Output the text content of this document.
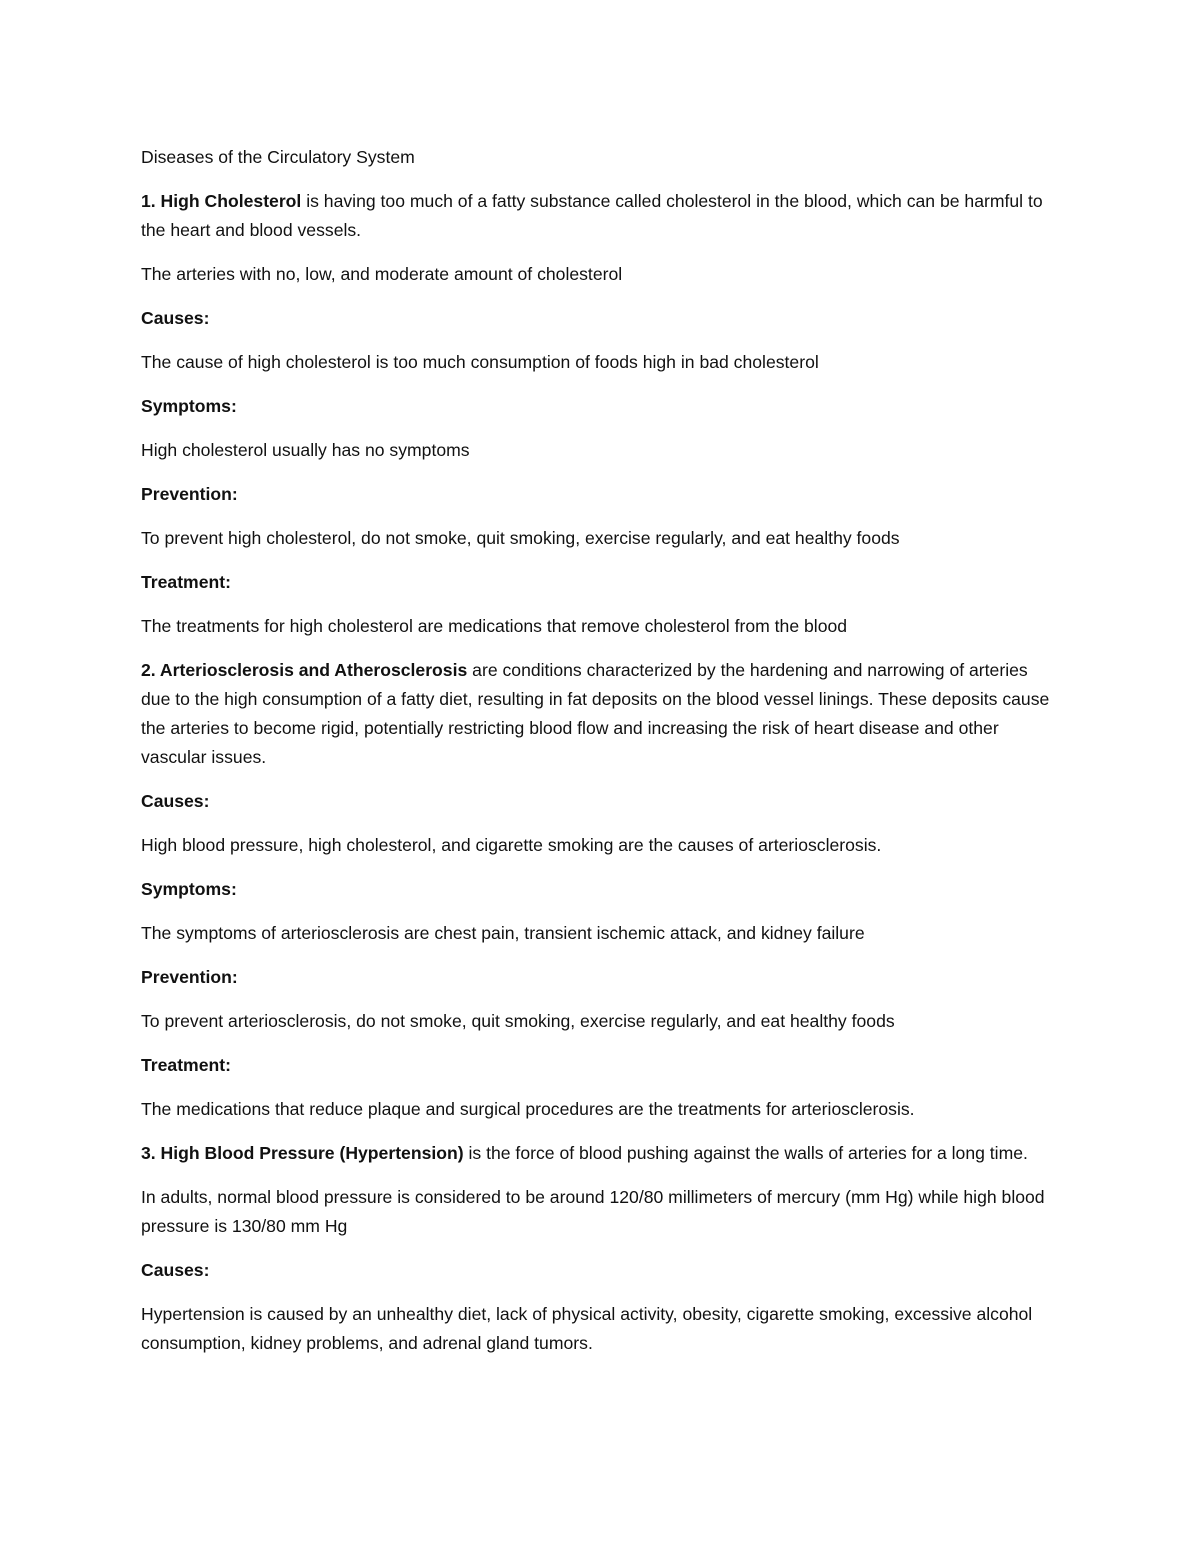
Diseases of the Circulatory System

1. High Cholesterol is having too much of a fatty substance called cholesterol in the blood, which can be harmful to the heart and blood vessels.

The arteries with no, low, and moderate amount of cholesterol

Causes:

The cause of high cholesterol is too much consumption of foods high in bad cholesterol

Symptoms:

High cholesterol usually has no symptoms

Prevention:

To prevent high cholesterol, do not smoke, quit smoking, exercise regularly, and eat healthy foods

Treatment:

The treatments for high cholesterol are medications that remove cholesterol from the blood

2. Arteriosclerosis and Atherosclerosis are conditions characterized by the hardening and narrowing of arteries due to the high consumption of a fatty diet, resulting in fat deposits on the blood vessel linings. These deposits cause the arteries to become rigid, potentially restricting blood flow and increasing the risk of heart disease and other vascular issues.

Causes:

High blood pressure, high cholesterol, and cigarette smoking are the causes of arteriosclerosis.

Symptoms:

The symptoms of arteriosclerosis are chest pain, transient ischemic attack, and kidney failure

Prevention:

To prevent arteriosclerosis, do not smoke, quit smoking, exercise regularly, and eat healthy foods

Treatment:

The medications that reduce plaque and surgical procedures are the treatments for arteriosclerosis.

3. High Blood Pressure (Hypertension) is the force of blood pushing against the walls of arteries for a long time.

In adults, normal blood pressure is considered to be around 120/80 millimeters of mercury (mm Hg) while high blood pressure is 130/80 mm Hg

Causes:

Hypertension is caused by an unhealthy diet, lack of physical activity, obesity, cigarette smoking, excessive alcohol consumption, kidney problems, and adrenal gland tumors.
